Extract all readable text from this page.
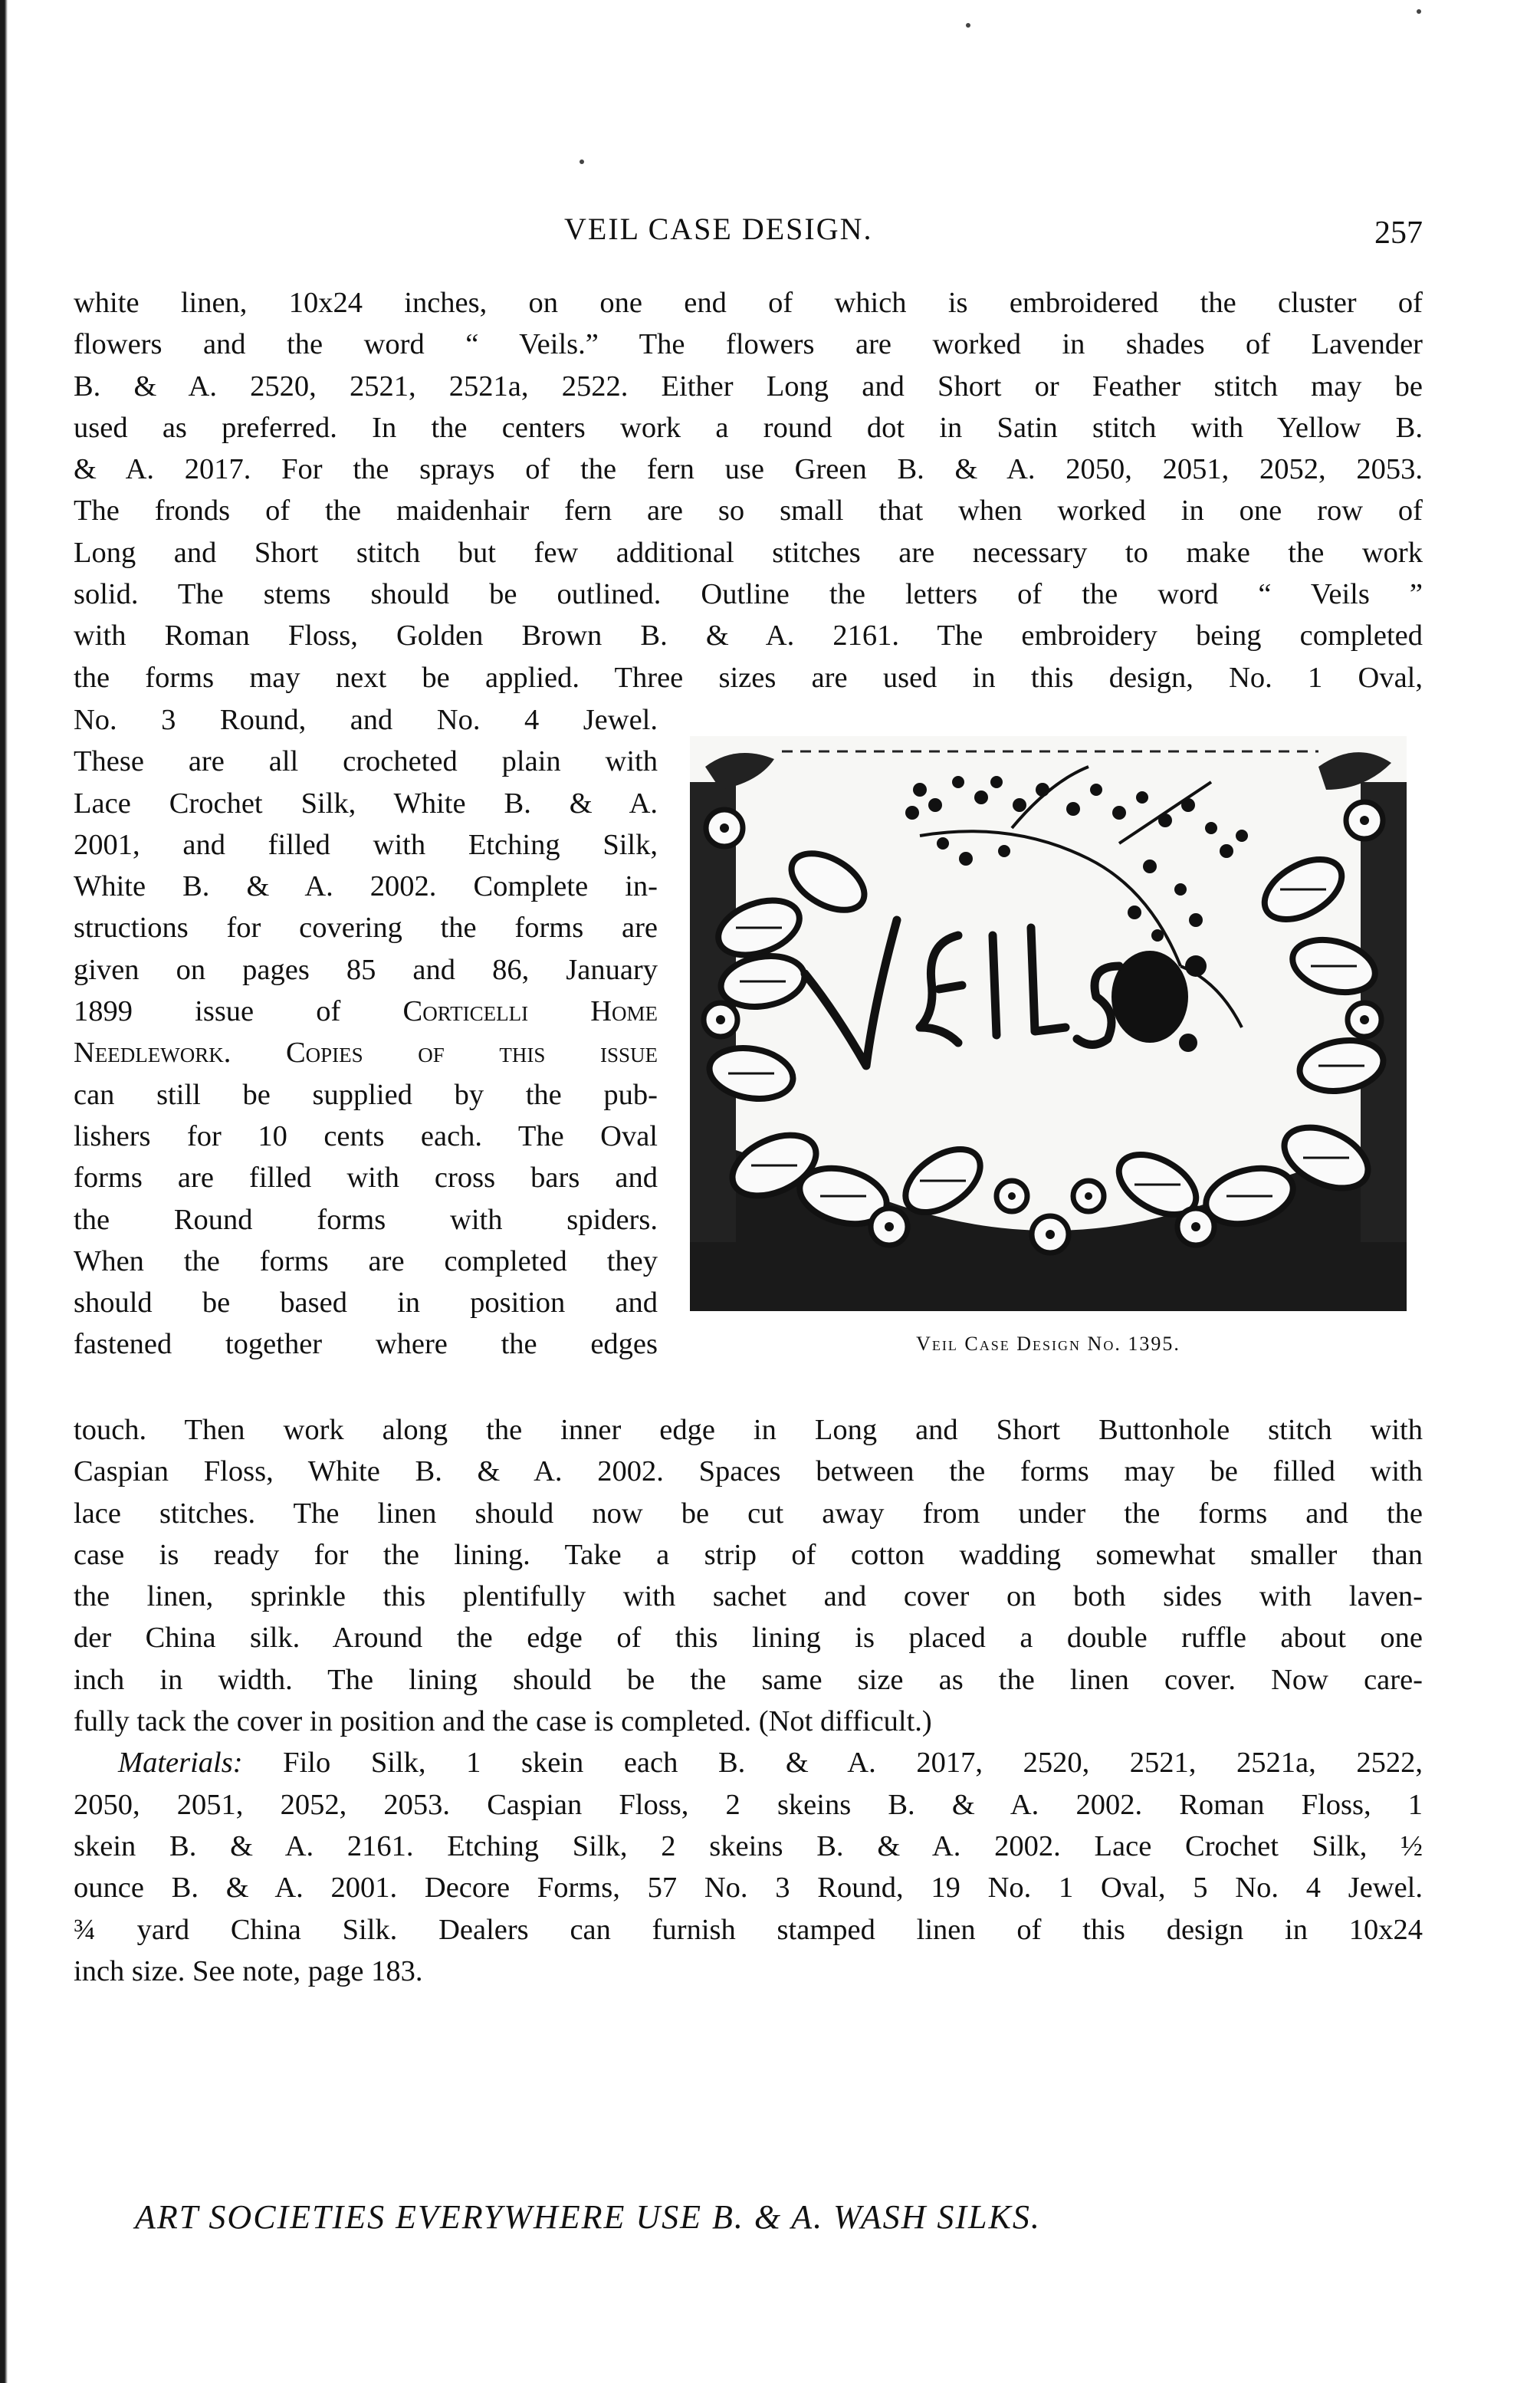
VEIL CASE DESIGN.	257
white linen, 10x24 inches, on one end of which is embroidered the cluster of
flowers and the word “ Veils.” The flowers are worked in shades of Lavender
B. & A. 2520, 2521, 2521a, 2522. Either Long and Short or Feather stitch may be
used as preferred. In the centers work a round dot in Satin stitch with Yellow B.
& A. 2017. For the sprays of the fern use Green B. & A. 2050, 2051, 2052, 2053.
The fronds of the maidenhair fern are so small that when worked in one row of
Long and Short stitch but few additional stitches are necessary to make the work
solid. The stems should be outlined. Outline the letters of the word “ Veils ”
with Roman Floss, Golden Brown B. & A. 2161. The embroidery being completed
the forms may next be applied. Three sizes are used in this design, No. 1 Oval,
No. 3 Round, and No. 4 Jewel.
These are all crocheted plain with
Lace Crochet Silk, White B. & A.
2001, and filled with Etching Silk,
White B. & A. 2002. Complete in-
structions for covering the forms are
given on pages 85 and 86, January
1899 issue of Corticelli Home
Needlework. Copies of this issue
can still be supplied by the pub-
lishers for 10 cents each. The Oval
forms are filled with cross bars and
the Round forms with spiders.
When the forms are completed they
should be based in position and
fastened together where the edges	Veil Case Design No. 1395.
touch. Then work along the inner edge in Long and Short Buttonhole stitch with
Caspian Floss, White B. & A. 2002. Spaces between the forms may be filled with
lace stitches. The linen should now be cut away from under the forms and the
case is ready for the lining. Take a strip of cotton wadding somewhat smaller than
the linen, sprinkle this plentifully with sachet and cover on both sides with laven-
der China silk. Around the edge of this lining is placed a double ruffle about one
inch in width. The lining should be the same size as the linen cover. Now care-
fully tack the cover in position and the case is completed. (Not difficult.)
Materials: Filo Silk, 1 skein each B. & A. 2017, 2520, 2521, 2521a, 2522,
2050, 2051, 2052, 2053. Caspian Floss, 2 skeins B. & A. 2002. Roman Floss, 1
skein B. & A. 2161. Etching Silk, 2 skeins B. & A. 2002. Lace Crochet Silk, ½
ounce B. & A. 2001. Decore Forms, 57 No. 3 Round, 19 No. 1 Oval, 5 No. 4 Jewel.
¾ yard China Silk. Dealers can furnish stamped linen of this design in 10x24
inch size. See note, page 183.
ART SOCIETIES EVERYWHERE USE B. & A. WASH SILKS.
